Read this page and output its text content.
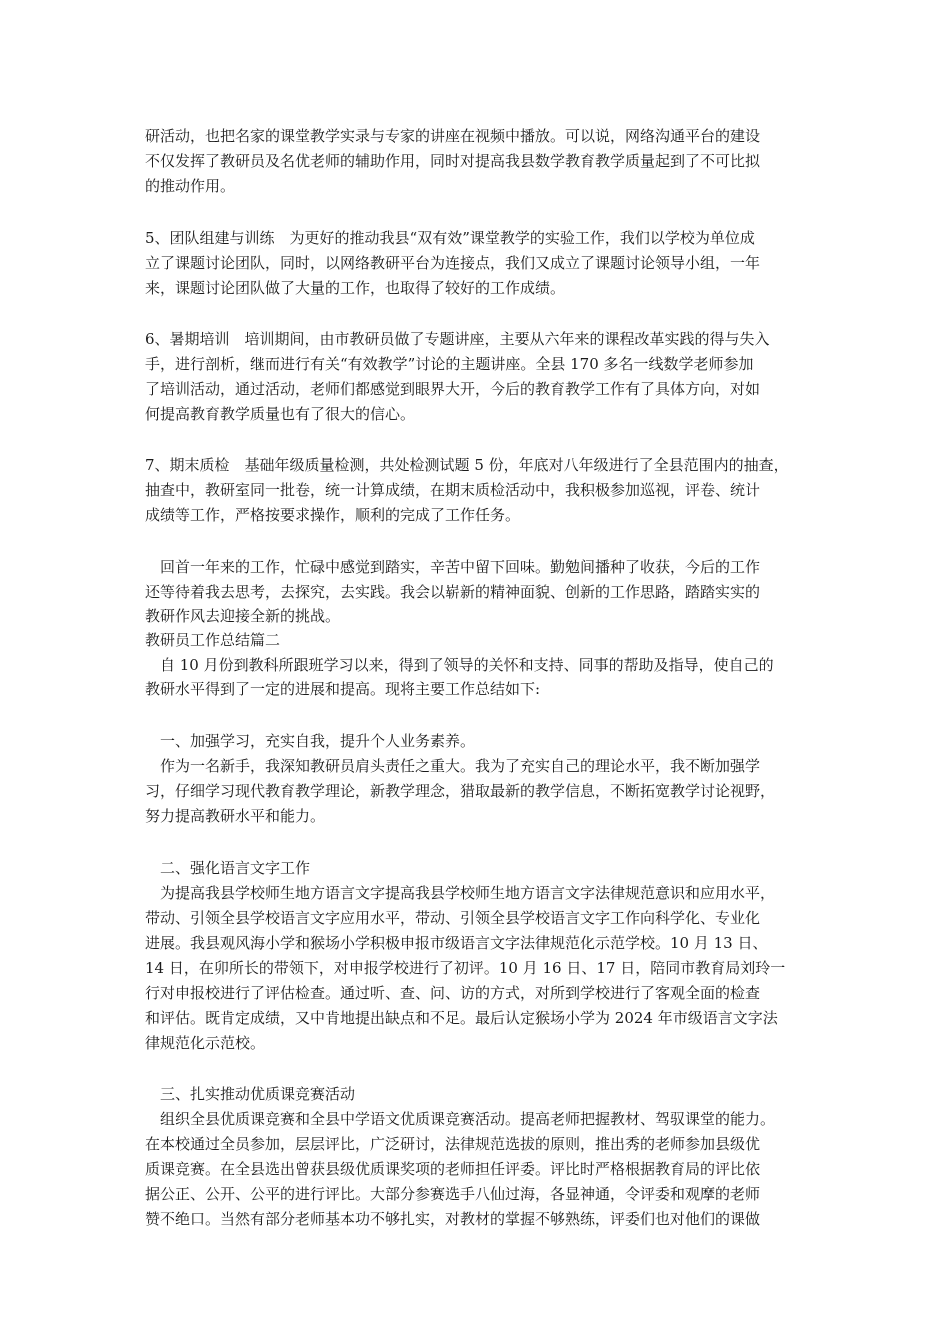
研活动，也把名家的课堂教学实录与专家的讲座在视频中播放。可以说，网络沟通平台的建设
不仅发挥了教研员及名优老师的辅助作用，同时对提高我县数学教育教学质量起到了不可比拟
的推动作用。
5、团队组建与训练　为更好的推动我县“双有效”课堂教学的实验工作，我们以学校为单位成
立了课题讨论团队，同时，以网络教研平台为连接点，我们又成立了课题讨论领导小组，一年
来，课题讨论团队做了大量的工作，也取得了较好的工作成绩。
6、暑期培训　培训期间，由市教研员做了专题讲座，主要从六年来的课程改革实践的得与失入
手，进行剖析，继而进行有关“有效教学”讨论的主题讲座。全县 170 多名一线数学老师参加
了培训活动，通过活动，老师们都感觉到眼界大开，今后的教育教学工作有了具体方向，对如
何提高教育教学质量也有了很大的信心。
7、期末质检　基础年级质量检测，共处检测试题 5 份，年底对八年级进行了全县范围内的抽查，
抽查中，教研室同一批卷，统一计算成绩，在期末质检活动中，我积极参加巡视，评卷、统计
成绩等工作，严格按要求操作，顺利的完成了工作任务。
回首一年来的工作，忙碌中感觉到踏实，辛苦中留下回味。勤勉间播种了收获，今后的工作
还等待着我去思考，去探究，去实践。我会以崭新的精神面貌、创新的工作思路，踏踏实实的
教研作风去迎接全新的挑战。
教研员工作总结篇二
自 10 月份到教科所跟班学习以来，得到了领导的关怀和支持、同事的帮助及指导，使自己的
教研水平得到了一定的进展和提高。现将主要工作总结如下:
一、加强学习，充实自我，提升个人业务素养。
作为一名新手，我深知教研员肩头责任之重大。我为了充实自己的理论水平，我不断加强学
习，仔细学习现代教育教学理论，新教学理念，猎取最新的教学信息，不断拓宽教学讨论视野，
努力提高教研水平和能力。
二、强化语言文字工作
为提高我县学校师生地方语言文字提高我县学校师生地方语言文字法律规范意识和应用水平，
带动、引领全县学校语言文字应用水平，带动、引领全县学校语言文字工作向科学化、专业化
进展。我县观风海小学和猴场小学积极申报市级语言文字法律规范化示范学校。10 月 13 日、
14 日，在卯所长的带领下，对申报学校进行了初评。10 月 16 日、17 日，陪同市教育局刘玲一
行对申报校进行了评估检查。通过听、查、问、访的方式，对所到学校进行了客观全面的检查
和评估。既肯定成绩，又中肯地提出缺点和不足。最后认定猴场小学为 2024 年市级语言文字法
律规范化示范校。
三、扎实推动优质课竞赛活动
组织全县优质课竞赛和全县中学语文优质课竞赛活动。提高老师把握教材、驾驭课堂的能力。
在本校通过全员参加，层层评比，广泛研讨，法律规范选拔的原则，推出秀的老师参加县级优
质课竞赛。在全县选出曾获县级优质课奖项的老师担任评委。评比时严格根据教育局的评比依
据公正、公开、公平的进行评比。大部分参赛选手八仙过海，各显神通，令评委和观摩的老师
赞不绝口。当然有部分老师基本功不够扎实，对教材的掌握不够熟练，评委们也对他们的课做
